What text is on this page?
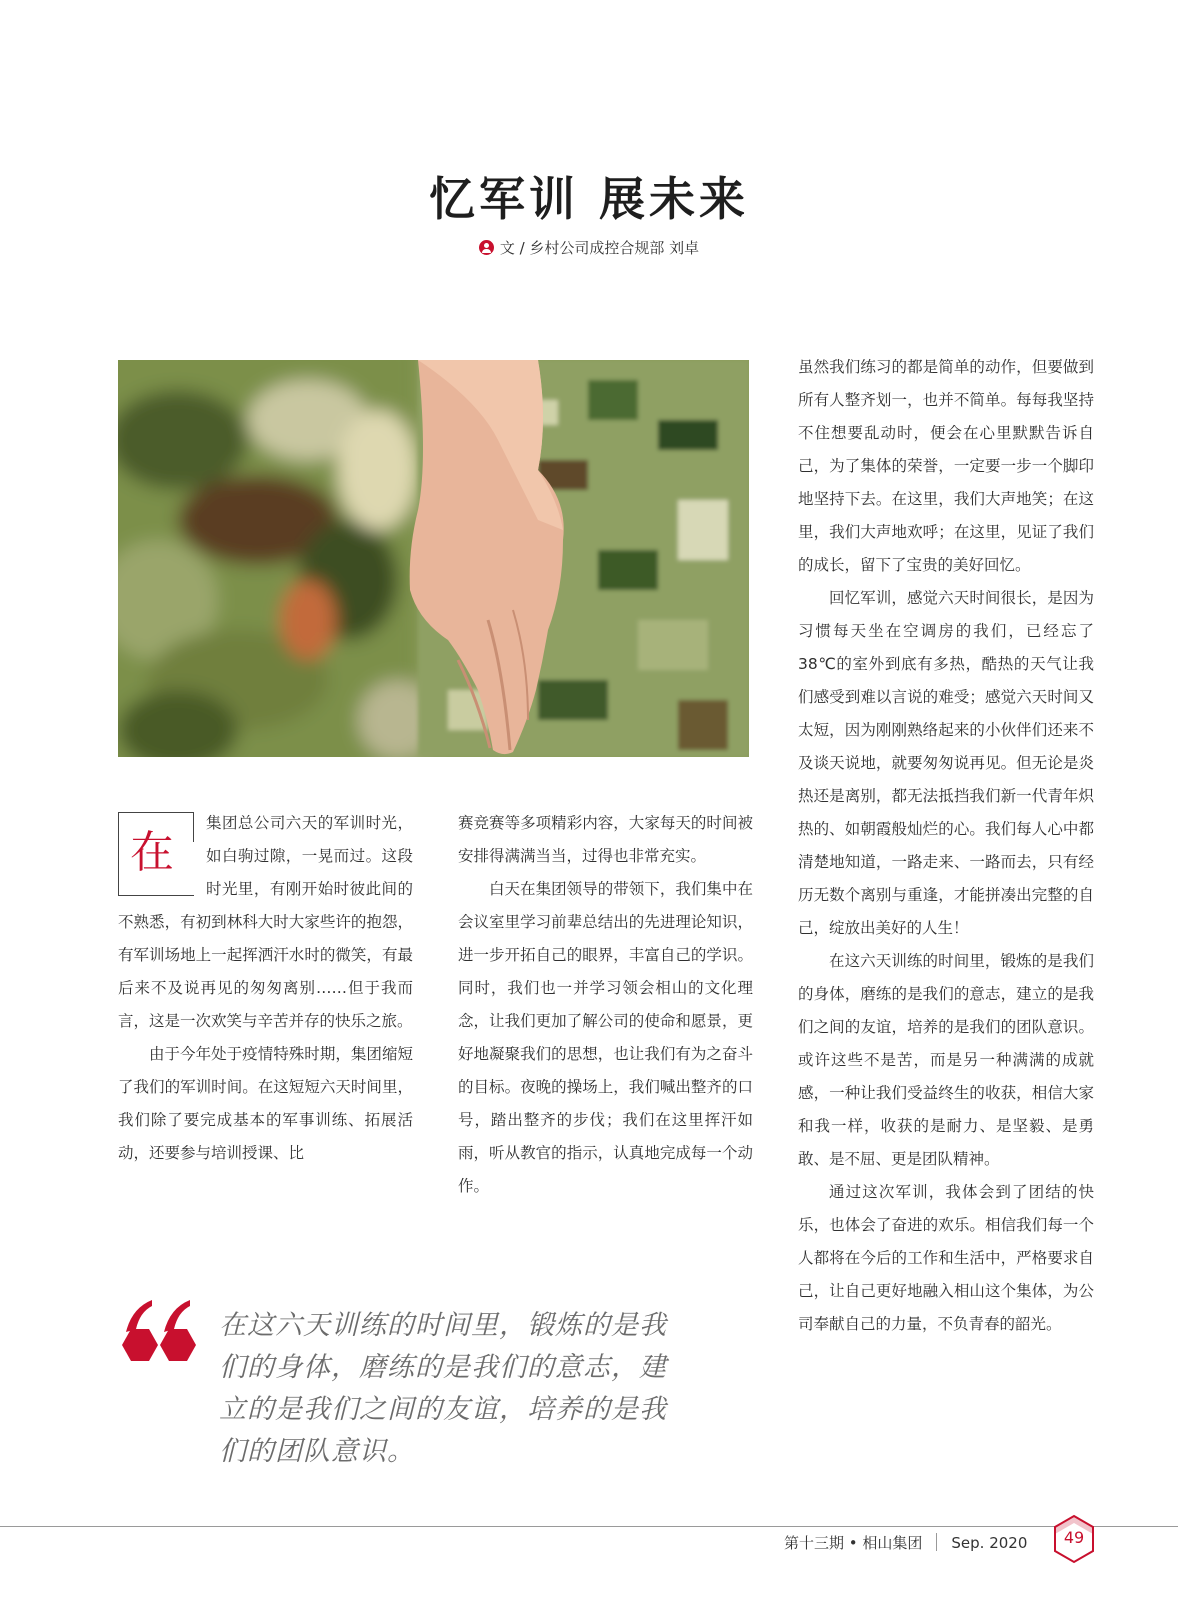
忆军训 展未来
文 / 乡村公司成控合规部 刘卓
在

集团总公司六天的军训时光，如白驹过隙，一晃而过。这段时光里，有刚开始时彼此间的不熟悉，有初到林科大时大家些许的抱怨，有军训场地上一起挥洒汗水时的微笑，有最后来不及说再见的匆匆离别……但于我而言，这是一次欢笑与辛苦并存的快乐之旅。

由于今年处于疫情特殊时期，集团缩短了我们的军训时间。在这短短六天时间里，我们除了要完成基本的军事训练、拓展活动，还要参与培训授课、比

赛竞赛等多项精彩内容，大家每天的时间被安排得满满当当，过得也非常充实。

白天在集团领导的带领下，我们集中在会议室里学习前辈总结出的先进理论知识，进一步开拓自己的眼界，丰富自己的学识。同时，我们也一并学习领会相山的文化理念，让我们更加了解公司的使命和愿景，更好地凝聚我们的思想，也让我们有为之奋斗的目标。夜晚的操场上，我们喊出整齐的口号，踏出整齐的步伐；我们在这里挥汗如雨，听从教官的指示，认真地完成每一个动作。

虽然我们练习的都是简单的动作，但要做到所有人整齐划一，也并不简单。每每我坚持不住想要乱动时，便会在心里默默告诉自己，为了集体的荣誉，一定要一步一个脚印地坚持下去。在这里，我们大声地笑；在这里，我们大声地欢呼；在这里，见证了我们的成长，留下了宝贵的美好回忆。

回忆军训，感觉六天时间很长，是因为习惯每天坐在空调房的我们，已经忘了 38℃的室外到底有多热，酷热的天气让我们感受到难以言说的难受；感觉六天时间又太短，因为刚刚熟络起来的小伙伴们还来不及谈天说地，就要匆匆说再见。但无论是炎热还是离别，都无法抵挡我们新一代青年炽热的、如朝霞般灿烂的心。我们每人心中都清楚地知道，一路走来、一路而去，只有经历无数个离别与重逢，才能拼凑出完整的自己，绽放出美好的人生！

在这六天训练的时间里，锻炼的是我们的身体，磨练的是我们的意志，建立的是我们之间的友谊，培养的是我们的团队意识。或许这些不是苦，而是另一种满满的成就感，一种让我们受益终生的收获，相信大家和我一样，收获的是耐力、是坚毅、是勇敢、是不屈、更是团队精神。

通过这次军训，我体会到了团结的快乐，也体会了奋进的欢乐。相信我们每一个人都将在今后的工作和生活中，严格要求自己，让自己更好地融入相山这个集体，为公司奉献自己的力量，不负青春的韶光。

在这六天训练的时间里，锻炼的是我们的身体，磨练的是我们的意志，建立的是我们之间的友谊，培养的是我们的团队意识。
第十三期 • 相山集团 Sep. 2020	49
